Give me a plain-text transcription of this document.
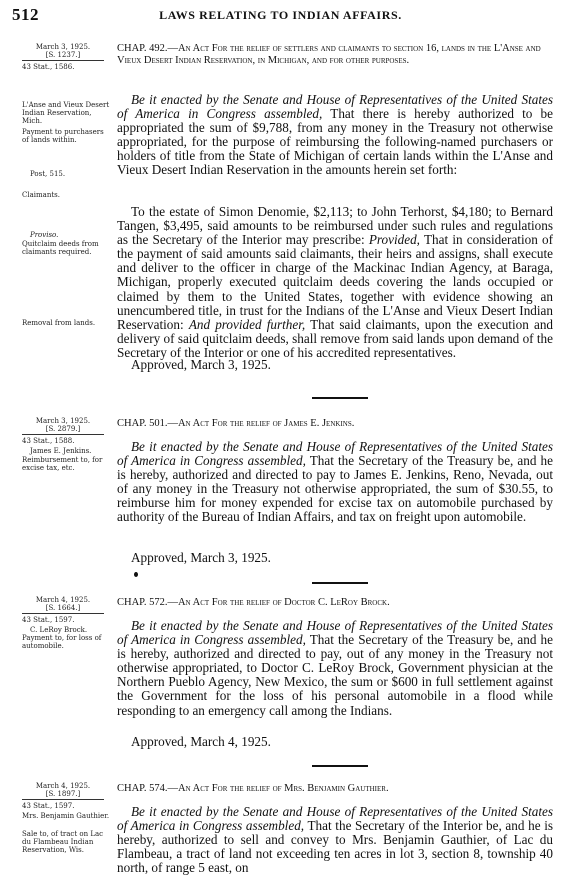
512	LAWS RELATING TO INDIAN AFFAIRS.
March 3, 1925.
[S. 1237.]
43 Stat., 1586.
CHAP. 492.—An Act For the relief of settlers and claimants to section 16, lands in the L'Anse and Vieux Desert Indian Reservation, in Michigan, and for other purposes.
L'Anse and Vieux Desert Indian Reservation, Mich.
Payment to purchasers of lands within.
Post, 515.
Claimants.
Proviso.
Quitclaim deeds from claimants required.
Removal from lands.
Be it enacted by the Senate and House of Representatives of the United States of America in Congress assembled, That there is hereby authorized to be appropriated the sum of $9,788, from any money in the Treasury not otherwise appropriated, for the purpose of reimbursing the following-named purchasers or holders of title from the State of Michigan of certain lands within the L'Anse and Vieux Desert Indian Reservation in the amounts herein set forth:
To the estate of Simon Denomie, $2,113; to John Terhorst, $4,180; to Bernard Tangen, $3,495, said amounts to be reimbursed under such rules and regulations as the Secretary of the Interior may prescribe: Provided, That in consideration of the payment of said amounts said claimants, their heirs and assigns, shall execute and deliver to the officer in charge of the Mackinac Indian Agency, at Baraga, Michigan, properly executed quitclaim deeds covering the lands occupied or claimed by them to the United States, together with evidence showing an unencumbered title, in trust for the Indians of the L'Anse and Vieux Desert Indian Reservation: And provided further, That said claimants, upon the execution and delivery of said quitclaim deeds, shall remove from said lands upon demand of the Secretary of the Interior or one of his accredited representatives.
Approved, March 3, 1925.
March 3, 1925.
[S. 2879.]
43 Stat., 1588.
James E. Jenkins.
Reimbursement to, for excise tax, etc.
CHAP. 501.—An Act For the relief of James E. Jenkins.
Be it enacted by the Senate and House of Representatives of the United States of America in Congress assembled, That the Secretary of the Treasury be, and he is hereby, authorized and directed to pay to James E. Jenkins, Reno, Nevada, out of any money in the Treasury not otherwise appropriated, the sum of $30.55, to reimburse him for money expended for excise tax on automobile purchased by authority of the Bureau of Indian Affairs, and tax on freight upon automobile.
Approved, March 3, 1925.
March 4, 1925.
[S. 1664.]
43 Stat., 1597.
C. LeRoy Brock.
Payment to, for loss of automobile.
CHAP. 572.—An Act For the relief of Doctor C. LeRoy Brock.
Be it enacted by the Senate and House of Representatives of the United States of America in Congress assembled, That the Secretary of the Treasury be, and he is hereby, authorized and directed to pay, out of any money in the Treasury not otherwise appropriated, to Doctor C. LeRoy Brock, Government physician at the Northern Pueblo Agency, New Mexico, the sum or $600 in full settlement against the Government for the loss of his personal automobile in a flood while responding to an emergency call among the Indians.
Approved, March 4, 1925.
March 4, 1925.
[S. 1897.]
43 Stat., 1597.
Mrs. Benjamin Gauthier.
Sale to, of tract on Lac du Flambeau Indian Reservation, Wis.
CHAP. 574.—An Act For the relief of Mrs. Benjamin Gauthier.
Be it enacted by the Senate and House of Representatives of the United States of America in Congress assembled, That the Secretary of the Interior be, and he is hereby, authorized to sell and convey to Mrs. Benjamin Gauthier, of Lac du Flambeau, a tract of land not exceeding ten acres in lot 3, section 8, township 40 north, of range 5 east, on
